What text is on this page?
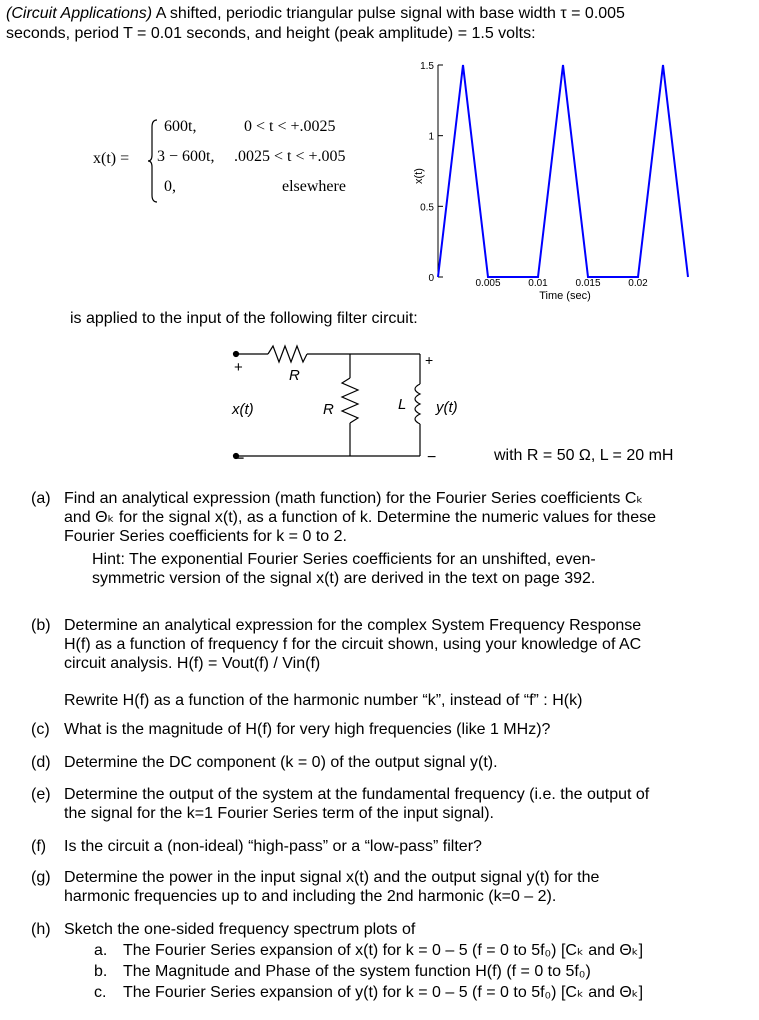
(Circuit Applications) A shifted, periodic triangular pulse signal with base width τ = 0.005
seconds, period T = 0.01 seconds, and height (peak amplitude) = 1.5 volts:
x(t) =
600t,	0 < t < +.0025
3 − 600t, .0025 < t < +.005
0,	elsewhere
0
0.5
1
1.5
0.005	0.01	0.015	0.02
x(t)
Time (sec)
is applied to the input of the following filter circuit:
+
−
R
x(t)	R	L
+
−
y(t)
with R = 50 Ω, L = 20 mH
(a) Find an analytical expression (math function) for the Fourier Series coefficients Cₖ
and Θₖ for the signal x(t), as a function of k. Determine the numeric values for these
Fourier Series coefficients for k = 0 to 2.
Hint: The exponential Fourier Series coefficients for an unshifted, even-
symmetric version of the signal x(t) are derived in the text on page 392.
(b) Determine an analytical expression for the complex System Frequency Response
H(f) as a function of frequency f for the circuit shown, using your knowledge of AC
circuit analysis. H(f) = Vout(f) / Vin(f)
Rewrite H(f) as a function of the harmonic number “k”, instead of “f” : H(k)
(c) What is the magnitude of H(f) for very high frequencies (like 1 MHz)?
(d) Determine the DC component (k = 0) of the output signal y(t).
(e) Determine the output of the system at the fundamental frequency (i.e. the output of
the signal for the k=1 Fourier Series term of the input signal).
(f) Is the circuit a (non-ideal) “high-pass” or a “low-pass” filter?
(g) Determine the power in the input signal x(t) and the output signal y(t) for the
harmonic frequencies up to and including the 2nd harmonic (k=0 – 2).
(h) Sketch the one-sided frequency spectrum plots of
a. The Fourier Series expansion of x(t) for k = 0 – 5 (f = 0 to 5f₀) [Cₖ and Θₖ]
b. The Magnitude and Phase of the system function H(f) (f = 0 to 5f₀)
c. The Fourier Series expansion of y(t) for k = 0 – 5 (f = 0 to 5f₀) [Cₖ and Θₖ]
